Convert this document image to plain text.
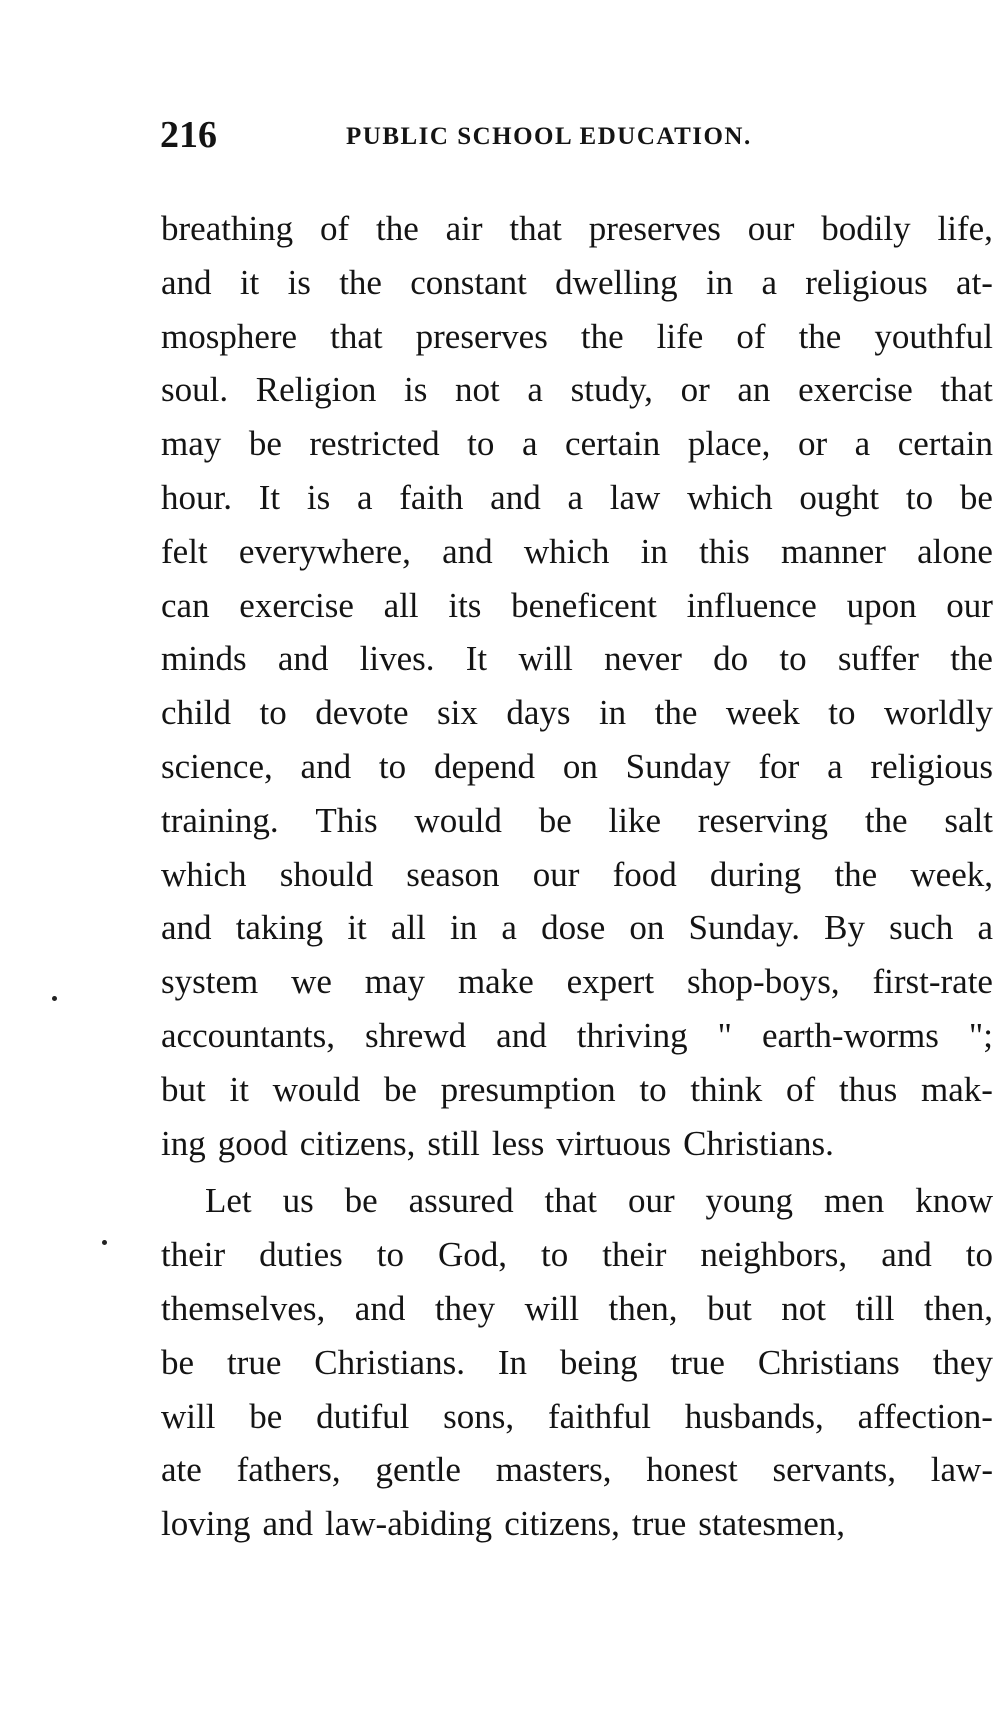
216	PUBLIC SCHOOL EDUCATION.
breathing of the air that preserves our bodily life,
and it is the constant dwelling in a religious at-
mosphere that preserves the life of the youthful
soul. Religion is not a study, or an exercise that
may be restricted to a certain place, or a certain
hour. It is a faith and a law which ought to be
felt everywhere, and which in this manner alone
can exercise all its beneficent influence upon our
minds and lives. It will never do to suffer the
child to devote six days in the week to worldly
science, and to depend on Sunday for a religious
training. This would be like reserving the salt
which should season our food during the week,
and taking it all in a dose on Sunday. By such a
system we may make expert shop-boys, first-rate
accountants, shrewd and thriving " earth-worms ";
but it would be presumption to think of thus mak-
ing good citizens, still less virtuous Christians.
Let us be assured that our young men know
their duties to God, to their neighbors, and to
themselves, and they will then, but not till then,
be true Christians. In being true Christians they
will be dutiful sons, faithful husbands, affection-
ate fathers, gentle masters, honest servants, law-
loving and law-abiding citizens, true statesmen,
